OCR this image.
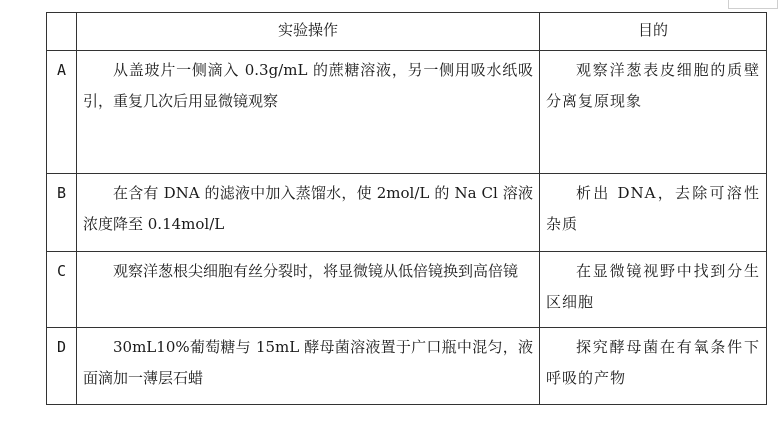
	实验操作	目的
A	从盖玻片一侧滴入 0.3g/mL 的蔗糖溶液，另一侧用吸水纸吸引，重复几次后用显微镜观察	观察洋葱表皮细胞的质壁分离复原现象
B	在含有 DNA 的滤液中加入蒸馏水，使 2mol/L 的 Na Cl 溶液浓度降至 0.14mol/L	析出 DNA，去除可溶性杂质
C	观察洋葱根尖细胞有丝分裂时，将显微镜从低倍镜换到高倍镜	在显微镜视野中找到分生区细胞
D	30mL10%葡萄糖与 15mL 酵母菌溶液置于广口瓶中混匀，液面滴加一薄层石蜡	探究酵母菌在有氧条件下呼吸的产物
